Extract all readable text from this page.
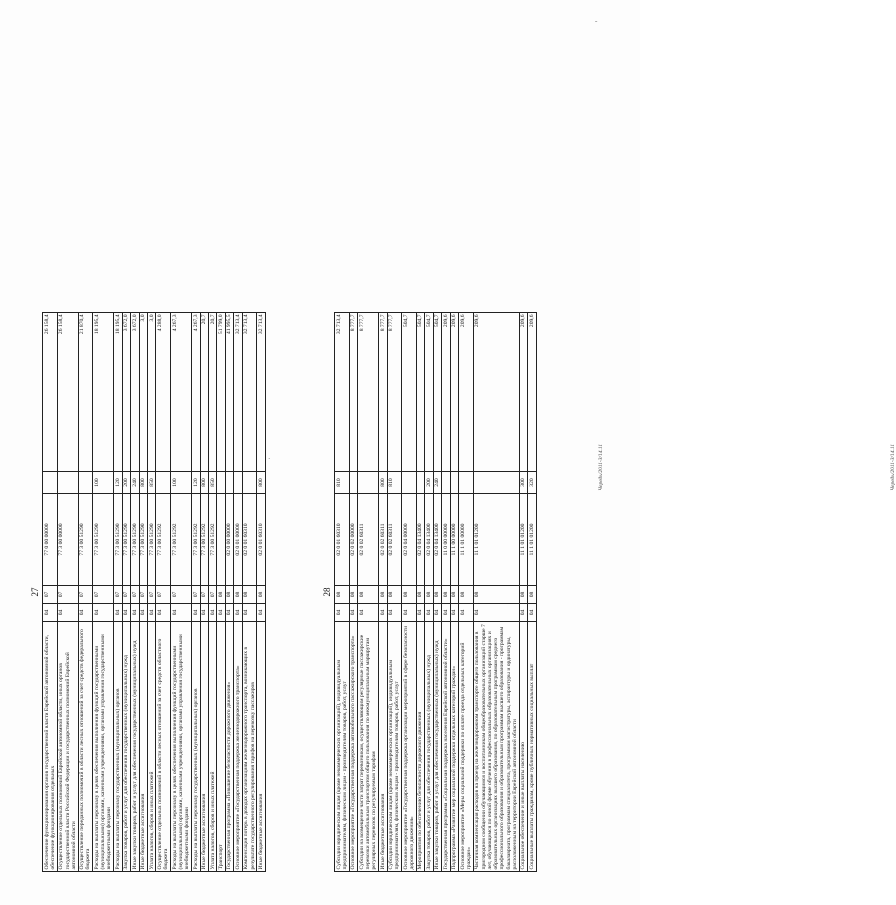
27
Обеспечение функционирования органов государственной власти Еврейской автономной области, обеспечение функционирования отдельных	04	07	77 0 00 00000		26 158,4
Осуществление отдельных полномочий Еврейской автономной области, иных органов государственной власти Российской Федерации и государственных полномочий Еврейской автономной области	04	07	77 3 00 00000		26 158,4
Осуществление переданных полномочий в области лесных отношений за счет средств федерального бюджета	04	07	77 3 00 51290		21 870,4
Расходы на выплаты персоналу в целях обеспечения выполнения функций государственными (муниципальными) органами, казенными учреждениями, органами управления государственными внебюджетными фондами	04	07	77 3 00 51290	100	18 195,4
Расходы на выплаты персоналу государственных (муниципальных) органов	04	07	77 3 00 51290	120	18 195,4
Закупка товаров, работ и услуг для обеспечения государственных (муниципальных) нужд	04	07	77 3 00 51290	200	3 672,0
Иные закупки товаров, работ и услуг для обеспечения государственных (муниципальных) нужд	04	07	77 3 00 51290	240	3 672,0
Иные бюджетные ассигнования	04	07	77 3 00 51290	800	3,0
Уплата налогов, сборов и иных платежей	04	07	77 3 00 51290	850	3,0
Осуществление отдельных полномочий в области лесных отношений за счет средств областного бюджета	04	07	77 3 00 51292		4 288,0
Расходы на выплаты персоналу в целях обеспечения выполнения функций государственными (муниципальными) органами, казенными учреждениями, органами управления государственными внебюджетными фондами	04	07	77 3 00 51292	100	4 267,3
Расходы на выплаты персоналу государственных (муниципальных) органов	04	07	77 3 00 51292	120	4 267,3
Иные бюджетные ассигнования	04	07	77 3 00 51292	800	20,7
Уплата налогов, сборов и иных платежей	04	07	77 3 00 51292	850	20,7
Транспорт	04	08			51 799,0
Государственная программа «Повышение безопасности дорожного движения»	04	08	02 0 00 00000		41 995,5
Основное мероприятие «Государственная поддержка железнодорожного транспорта»	04	08	02 0 01 00000		32 713,4
Компенсация потерь в доходах организациям железнодорожного транспорта, возникающих в результате государственного регулирования тарифов на перевозку пассажиров	04	08	02 0 01 60310		32 713,4
Иные бюджетные ассигнования	04	08	02 0 01 60310	800	32 713,4
Чередь/2011-3/14.11
28
Субсидии юридическим лицам (кроме некоммерческих организаций), индивидуальным предпринимателям, физическим лицам - производителям товаров, работ, услуг	04	08	02 0 01 60310	810	32 713,4
Основное мероприятие «Государственная поддержка автомобильного пассажирского транспорта»	04	08	02 0 02 00000		8 777,7
Субсидии на возмещение части затрат перевозчикам, осуществляющим регулярные пассажирские перевозки автомобильным транспортом общего пользования по межмуниципальным маршрутам регулярных перевозок по регулируемым тарифам	04	08	02 0 02 60311		8 777,7
Иные бюджетные ассигнования	04	08	02 0 02 60311	800	8 777,7
Субсидии юридическим лицам (кроме некоммерческих организаций), индивидуальным предпринимателям, физическим лицам - производителям товаров, работ, услуг	04	08	02 0 02 60311	810	8 777,7
Основное мероприятие «Государственная поддержка организации мероприятий в сфере безопасности дорожного движения»	04	08	02 0 04 00000		504,7
Мероприятия по обеспечению безопасности дорожного движения	04	08	02 0 04 13400		504,7
Закупка товаров, работ и услуг для обеспечения государственных (муниципальных) нужд	04	08	02 0 04 13400	200	504,7
Иные закупки товаров, работ и услуг для обеспечения государственных (муниципальных) нужд	04	08	02 0 04 13400	240	504,7
Государственная программа «Социальная поддержка населения Еврейской автономной области»	04	08	11 0 00 00000		209,6
Подпрограмма «Развитие мер социальной поддержки отдельных категорий граждан»	04	08	11 1 00 00000		209,6
Основное мероприятие «Меры социальной поддержки по оплате проезда отдельных категорий граждан»	04	08	11 1 01 00000		209,6
Частичная компенсация расходов на проезд на железнодорожном транспорте общего пользования в пригородном сообщении обучающимся и воспитанникам общеобразовательных организаций старше 7 лет, обучающимся по очной форме обучения в профессиональных образовательных организациях и образовательных организациях высшего образования, по образовательным программам среднего профессионального образования и образовательным программам высшего образования - программам бакалавриата, программам специалитета, программам магистратуры, аспирантуры и ординатуры, расположенным на территории Еврейской автономной области	04	08	11 1 01 01200		209,6
Социальное обеспечение и иные выплаты населению	04	08	11 1 01 01200	300	209,6
Социальные выплаты гражданам, кроме публичных нормативных социальных выплат	04	08	11 1 01 01200	320	209,6
Чередь/2011-3/14.11
ˇ
·
